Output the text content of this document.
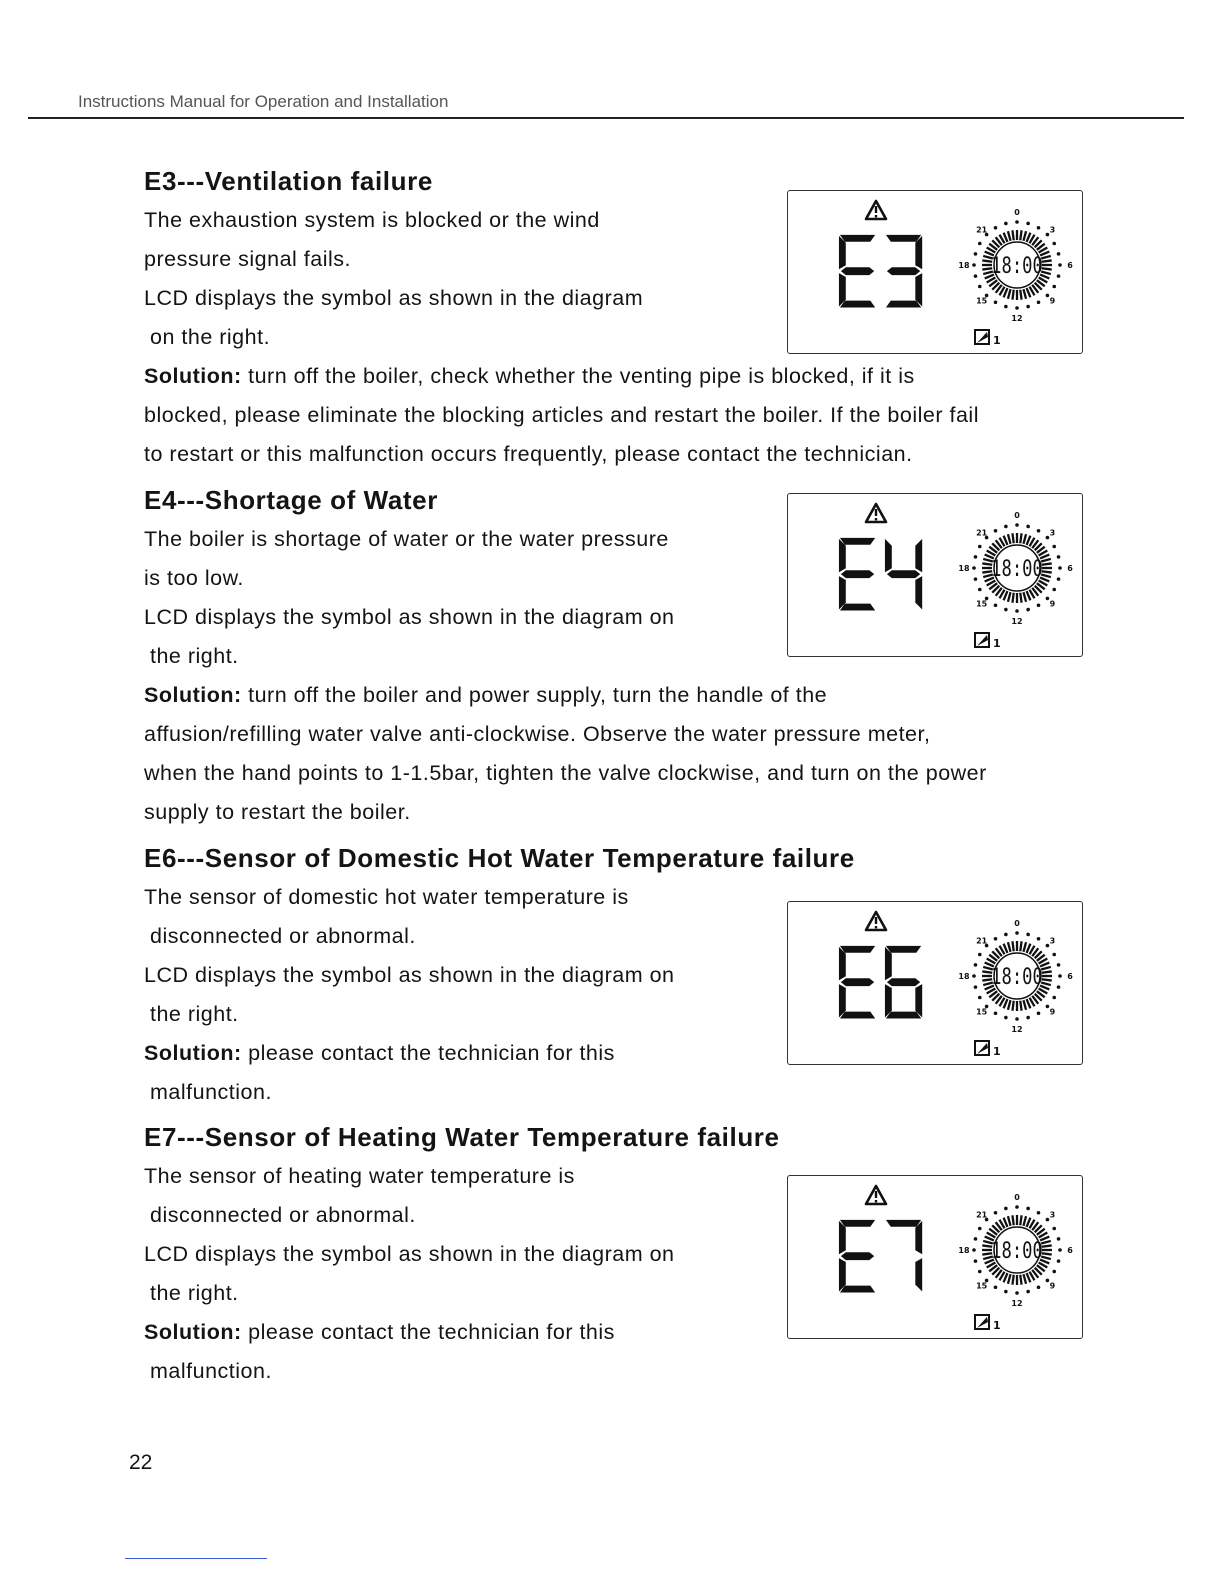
Instructions Manual for Operation and Installation
E3---Ventilation failure

The exhaustion system is blocked or the wind

pressure signal fails.

LCD displays the symbol as shown in the diagram

on the right.

Solution: turn off the boiler, check whether the venting pipe is blocked, if it is

blocked, please eliminate the blocking articles and restart the boiler. If the boiler fail

to restart or this malfunction occurs frequently, please contact the technician.

0
3
6
9
12
15
18
21
18:00
1
E4---Shortage of Water

The boiler is shortage of water or the water pressure

is too low.

LCD displays the symbol as shown in the diagram on

the right.

Solution: turn off the boiler and power supply, turn the handle of the

affusion/refilling water valve anti-clockwise. Observe the water pressure meter,

when the hand points to 1-1.5bar, tighten the valve clockwise, and turn on the power

supply to restart the boiler.

0
3
6
9
12
15
18
21
18:00
1
E6---Sensor of Domestic Hot Water Temperature failure

The sensor of domestic hot water temperature is

disconnected or abnormal.

LCD displays the symbol as shown in the diagram on

the right.

Solution: please contact the technician for this

malfunction.

0
3
6
9
12
15
18
21
18:00
1
E7---Sensor of Heating Water Temperature failure

The sensor of heating water temperature is

disconnected or abnormal.

LCD displays the symbol as shown in the diagram on

the right.

Solution: please contact the technician for this

malfunction.

0
3
6
9
12
15
18
21
18:00
1
22
